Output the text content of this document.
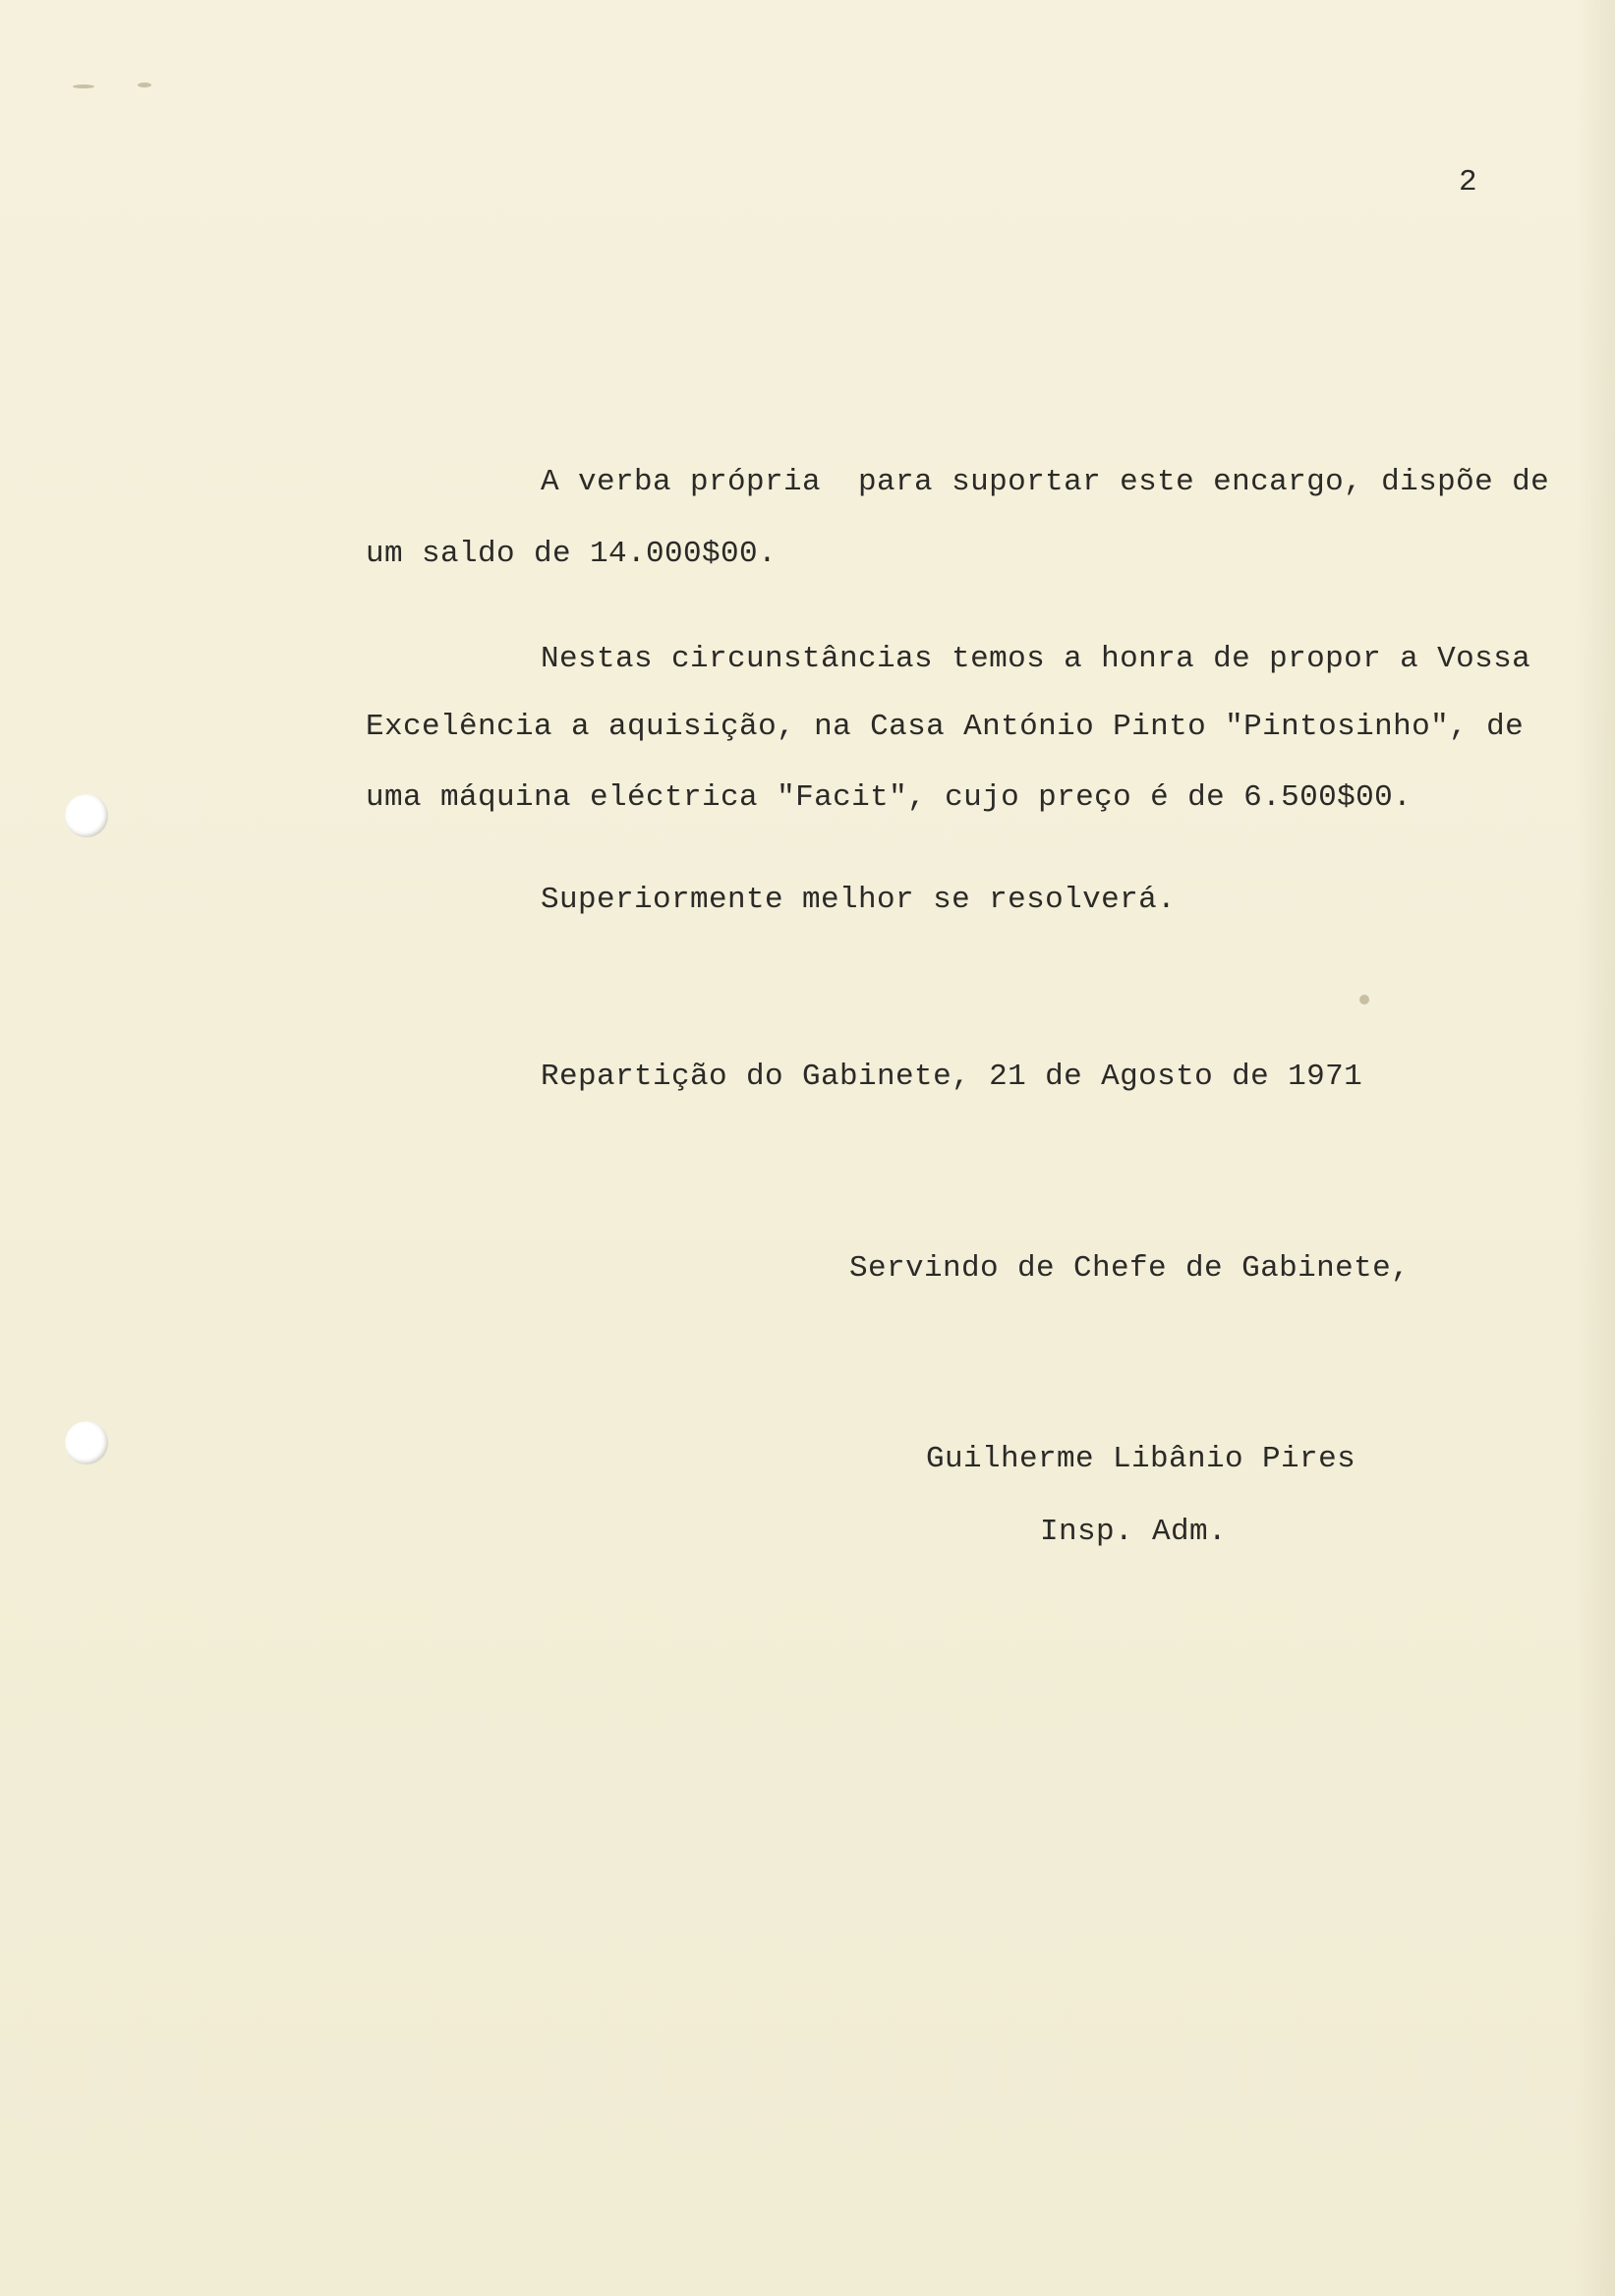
2

A verba própria  para suportar este encargo, dispõe de

um saldo de 14.000$00.

Nestas circunstâncias temos a honra de propor a Vossa

Excelência a aquisição, na Casa António Pinto "Pintosinho", de

uma máquina eléctrica "Facit", cujo preço é de 6.500$00.

Superiormente melhor se resolverá.

Repartição do Gabinete, 21 de Agosto de 1971

Servindo de Chefe de Gabinete,

Guilherme Libânio Pires

Insp. Adm.
